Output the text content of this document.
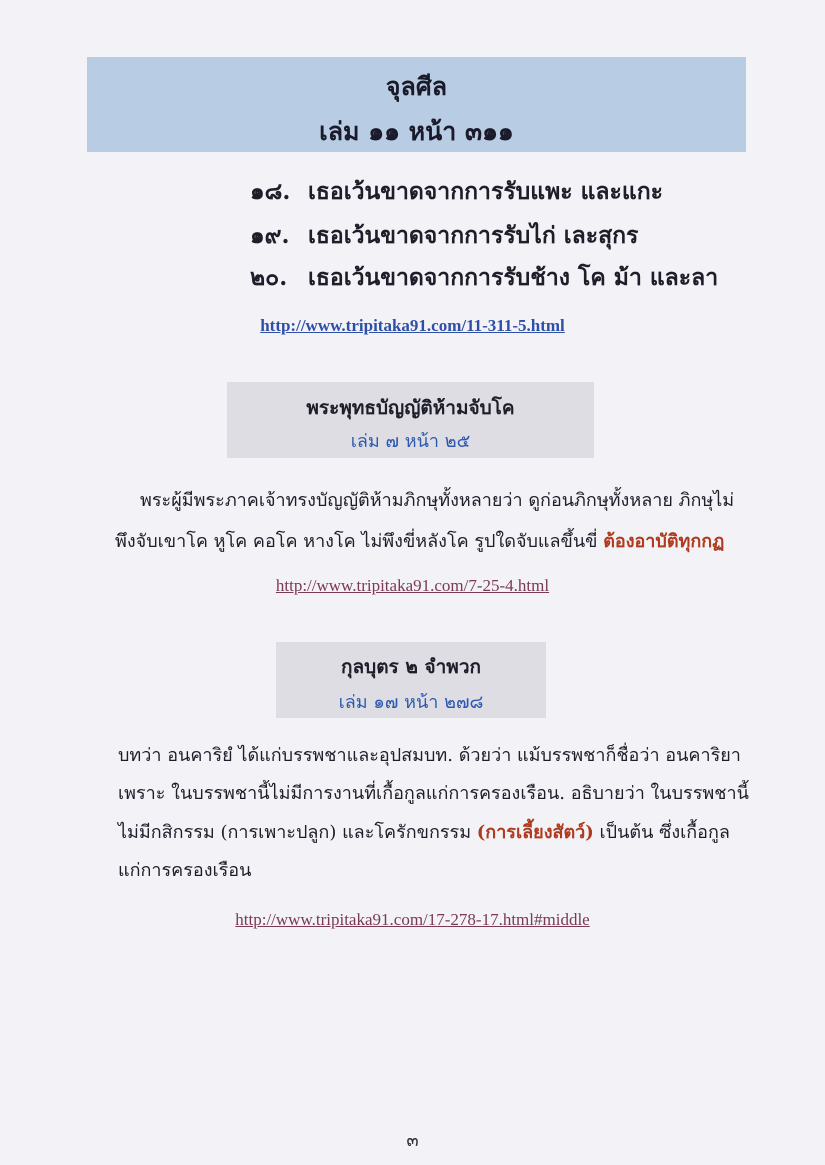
จุลศีล
เล่ม ๑๑ หน้า ๓๑๑
๑๘. เธอเว้นขาดจากการรับแพะ และแกะ
๑๙. เธอเว้นขาดจากการรับไก่ เละสุกร
๒๐. เธอเว้นขาดจากการรับช้าง โค ม้า และลา
http://www.tripitaka91.com/11-311-5.html
พระพุทธบัญญัติห้ามจับโค
เล่ม ๗ หน้า ๒๕
พระผู้มีพระภาคเจ้าทรงบัญญัติห้ามภิกษุทั้งหลายว่า ดูก่อนภิกษุทั้งหลาย ภิกษุไม่
พึงจับเขาโค หูโค คอโค หางโค ไม่พึงขี่หลังโค รูปใดจับแลขึ้นขี่ ต้องอาบัติทุกกฏ
http://www.tripitaka91.com/7-25-4.html
กุลบุตร ๒ จำพวก
เล่ม ๑๗ หน้า ๒๗๘
บทว่า อนคาริยํ ได้แก่บรรพชาและอุปสมบท. ด้วยว่า แม้บรรพชาก็ชื่อว่า อนคาริยา
เพราะ ในบรรพชานี้ไม่มีการงานที่เกื้อกูลแก่การครองเรือน. อธิบายว่า ในบรรพชานี้
ไม่มีกสิกรรม (การเพาะปลูก) และโครักขกรรม (การเลี้ยงสัตว์) เป็นต้น ซึ่งเกื้อกูล
แก่การครองเรือน
http://www.tripitaka91.com/17-278-17.html#middle
๓
